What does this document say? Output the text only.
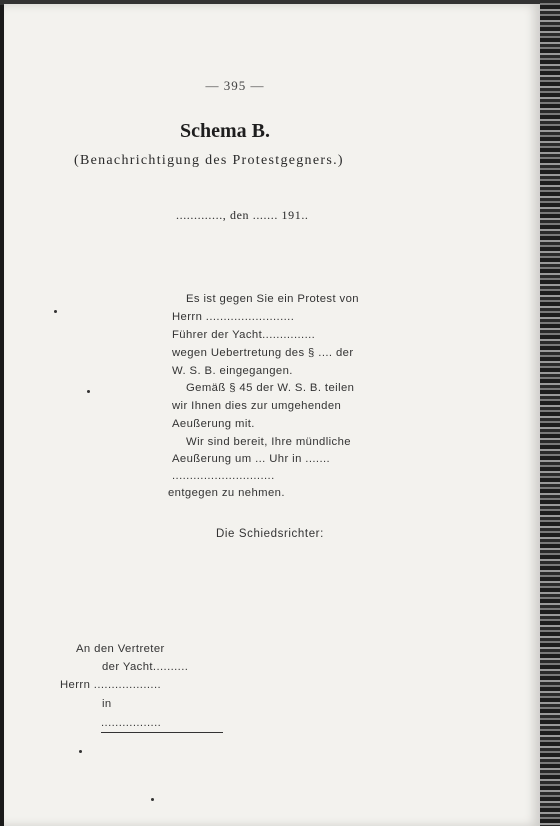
— 395 —
Schema B.
(Benachrichtigung des Protestgegners.)
............., den ....... 191..
Es ist gegen Sie ein Protest von
Herrn .........................
Führer der Yacht...............
wegen Uebertretung des § .... der
W. S. B. eingegangen.
Gemäß § 45 der W. S. B. teilen
wir Ihnen dies zur umgehenden
Aeußerung mit.
Wir sind bereit, Ihre mündliche
Aeußerung um ... Uhr in .......
.............................
entgegen zu nehmen.
Die Schiedsrichter:
An den Vertreter
der Yacht..........
Herrn ...................
in
.................
